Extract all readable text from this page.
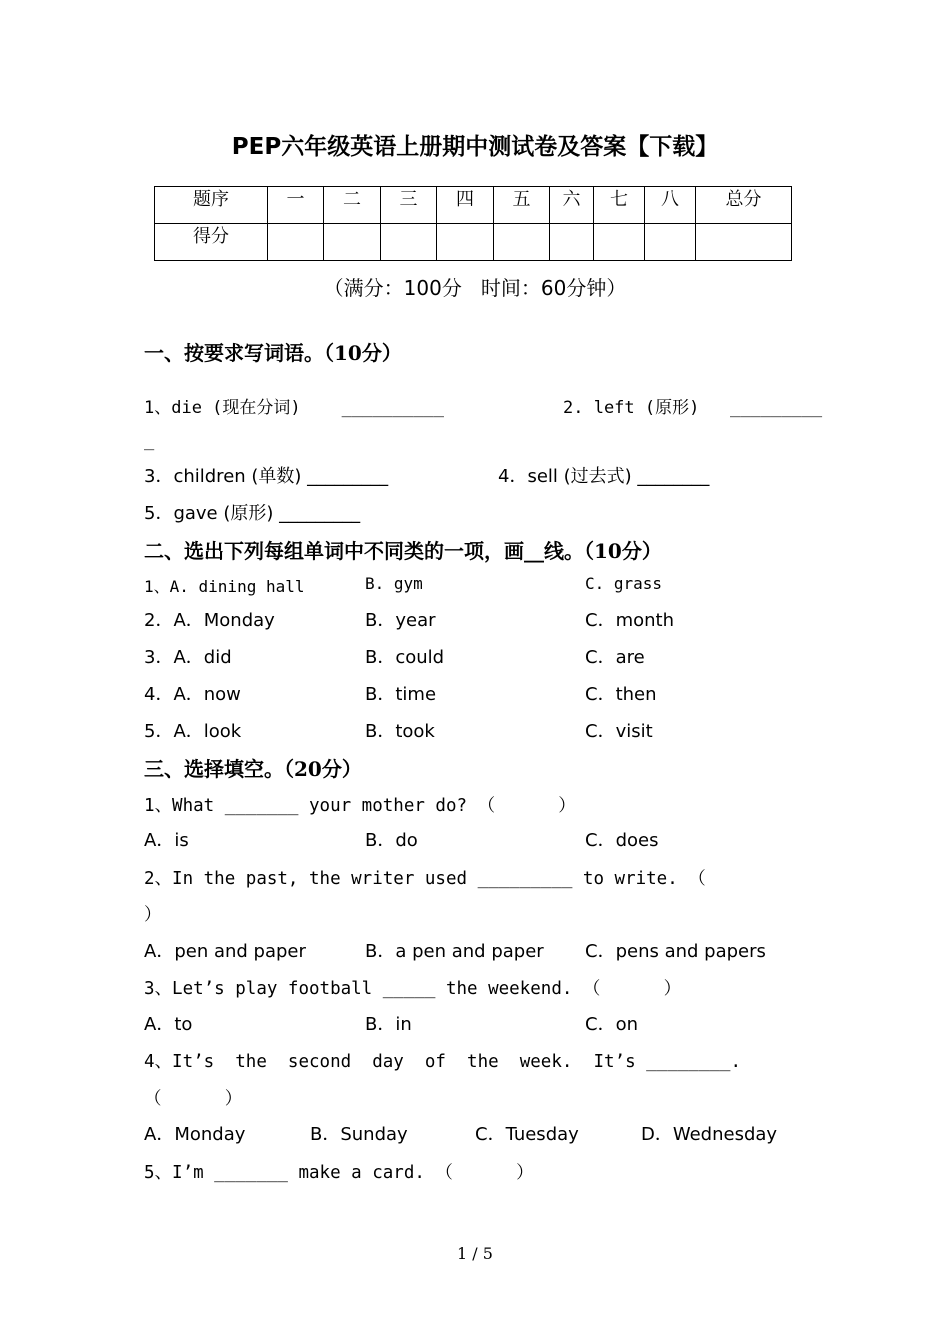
PEP六年级英语上册期中测试卷及答案【下载】
题序	一	二	三	四	五	六	七	八	总分
得分									
（满分：100分   时间：60分钟）
一、按要求写词语。（10分）
1、die (现在分词)    __________	2. left (原形)   _________
_
3．children (单数) _________	4．sell (过去式) ________
5．gave (原形) _________
二、选出下列每组单词中不同类的一项，画__线。（10分）
1、A. dining hall	B. gym	C. grass
2．A．Monday	B．year	C．month
3．A．did	B．could	C．are
4．A．now	B．time	C．then
5．A．look	B．took	C．visit
三、选择填空。（20分）
1、What _______ your mother do? （      ）
A．is	B．do	C．does
2、In the past, the writer used _________ to write. （
）
A．pen and paper	B．a pen and paper C．pens and papers
3、Let’s play football _____ the weekend. （      ）
A．to	B．in	C．on
4、It’s  the  second  day  of  the  week.  It’s ________.
（      ）
A．Monday	B．Sunday	C．Tuesday	D．Wednesday
5、I’m _______ make a card. （      ）
1 / 5
